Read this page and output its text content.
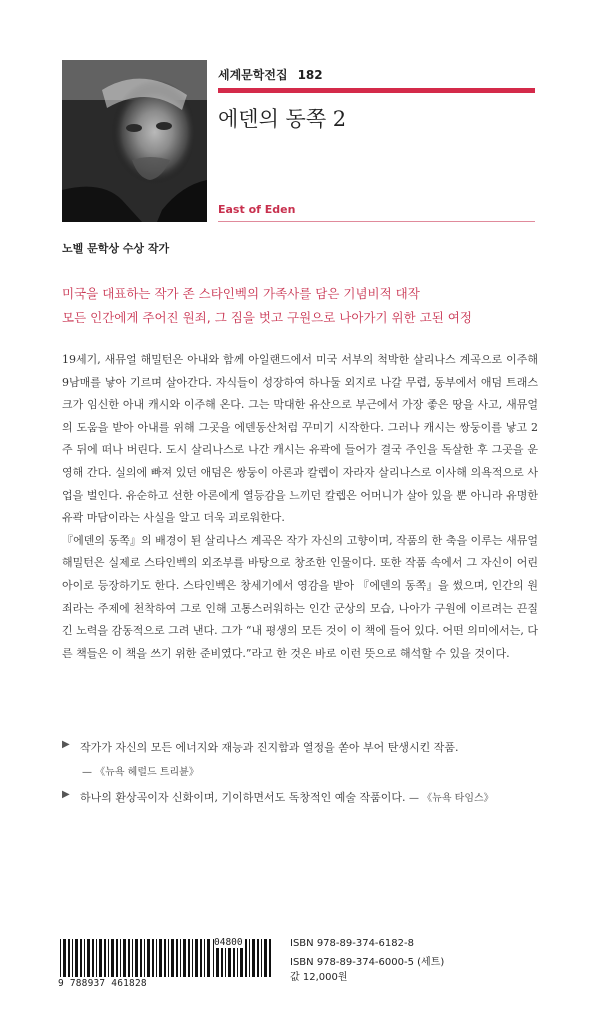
세계문학전집 182
에덴의 동쪽 2
East of Eden
노벨 문학상 수상 작가
미국을 대표하는 작가 존 스타인벡의 가족사를 담은 기념비적 대작
모든 인간에게 주어진 원죄, 그 짐을 벗고 구원으로 나아가기 위한 고된 여정

19세기, 새뮤얼 해밀턴은 아내와 함께 아일랜드에서 미국 서부의 척박한 살리나스 계곡으로 이주해 9남매를 낳아 기르며 살아간다. 자식들이 성장하여 하나둘 외지로 나갈 무렵, 동부에서 애덤 트래스크가 임신한 아내 캐시와 이주해 온다. 그는 막대한 유산으로 부근에서 가장 좋은 땅을 사고, 새뮤얼의 도움을 받아 아내를 위해 그곳을 에덴동산처럼 꾸미기 시작한다. 그러나 캐시는 쌍둥이를 낳고 2주 뒤에 떠나 버린다. 도시 살리나스로 나간 캐시는 유곽에 들어가 결국 주인을 독살한 후 그곳을 운영해 간다. 실의에 빠져 있던 애덤은 쌍둥이 아론과 칼렙이 자라자 살리나스로 이사해 의욕적으로 사업을 벌인다. 유순하고 선한 아론에게 열등감을 느끼던 칼렙은 어머니가 살아 있을 뿐 아니라 유명한 유곽 마담이라는 사실을 알고 더욱 괴로워한다.

『에덴의 동쪽』의 배경이 된 살리나스 계곡은 작가 자신의 고향이며, 작품의 한 축을 이루는 새뮤얼 해밀턴은 실제로 스타인벡의 외조부를 바탕으로 창조한 인물이다. 또한 작품 속에서 그 자신이 어린아이로 등장하기도 한다. 스타인벡은 창세기에서 영감을 받아 『에덴의 동쪽』을 썼으며, 인간의 원죄라는 주제에 천착하여 그로 인해 고통스러워하는 인간 군상의 모습, 나아가 구원에 이르려는 끈질긴 노력을 감동적으로 그려 낸다. 그가 “내 평생의 모든 것이 이 책에 들어 있다. 어떤 의미에서는, 다른 책들은 이 책을 쓰기 위한 준비였다.”라고 한 것은 바로 이런 뜻으로 해석할 수 있을 것이다.

▶ 작가가 자신의 모든 에너지와 재능과 진지함과 열정을 쏟아 부어 탄생시킨 작품.
— 《뉴욕 헤럴드 트리뷴》
▶ 하나의 환상곡이자 신화이며, 기이하면서도 독창적인 예술 작품이다. — 《뉴욕 타임스》
9 788937 461828
04800	ISBN 978-89-374-6182-8
ISBN 978-89-374-6000-5 (세트)
값 12,000원
